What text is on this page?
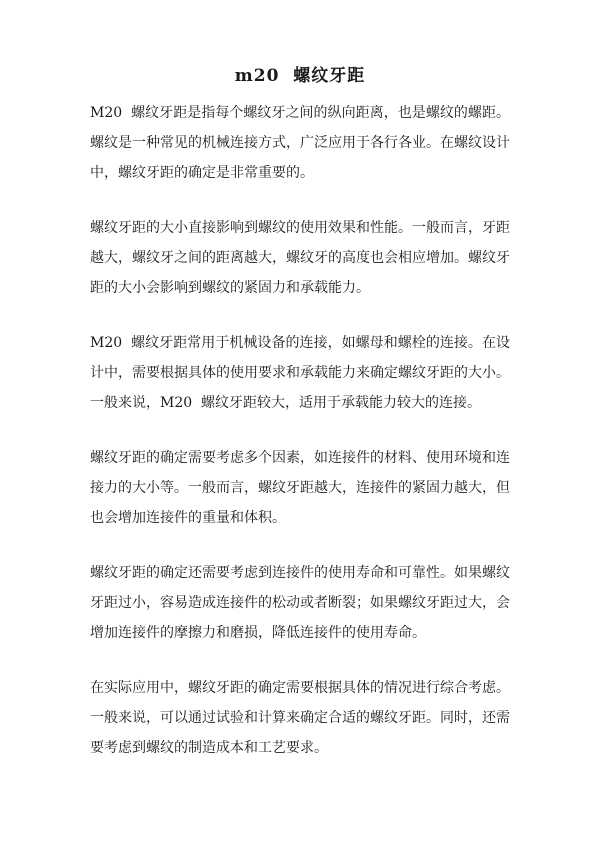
m20  螺纹牙距

M20  螺纹牙距是指每个螺纹牙之间的纵向距离，也是螺纹的螺距。螺纹是一种常见的机械连接方式，广泛应用于各行各业。在螺纹设计中，螺纹牙距的确定是非常重要的。

螺纹牙距的大小直接影响到螺纹的使用效果和性能。一般而言，牙距越大，螺纹牙之间的距离越大，螺纹牙的高度也会相应增加。螺纹牙距的大小会影响到螺纹的紧固力和承载能力。

M20  螺纹牙距常用于机械设备的连接，如螺母和螺栓的连接。在设计中，需要根据具体的使用要求和承载能力来确定螺纹牙距的大小。一般来说，M20  螺纹牙距较大，适用于承载能力较大的连接。

螺纹牙距的确定需要考虑多个因素，如连接件的材料、使用环境和连接力的大小等。一般而言，螺纹牙距越大，连接件的紧固力越大，但也会增加连接件的重量和体积。

螺纹牙距的确定还需要考虑到连接件的使用寿命和可靠性。如果螺纹牙距过小，容易造成连接件的松动或者断裂；如果螺纹牙距过大，会增加连接件的摩擦力和磨损，降低连接件的使用寿命。

在实际应用中，螺纹牙距的确定需要根据具体的情况进行综合考虑。一般来说，可以通过试验和计算来确定合适的螺纹牙距。同时，还需要考虑到螺纹的制造成本和工艺要求。
